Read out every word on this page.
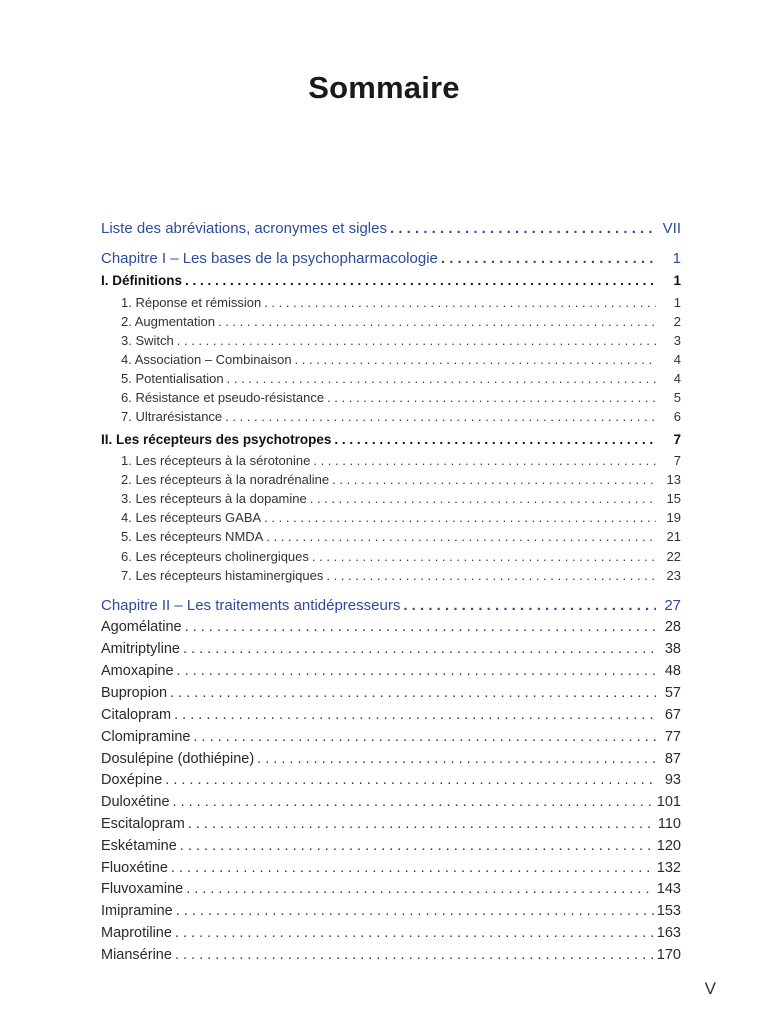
Sommaire
Liste des abréviations, acronymes et sigles . . .	VII
Chapitre I – Les bases de la psychopharmacologie . . .	1
I. Définitions . . .	1
1. Réponse et rémission . . .	1
2. Augmentation . . .	2
3. Switch . . .	3
4. Association – Combinaison . . .	4
5. Potentialisation . . .	4
6. Résistance et pseudo-résistance . . .	5
7. Ultrarésistance . . .	6
II. Les récepteurs des psychotropes . . .	7
1. Les récepteurs à la sérotonine . . .	7
2. Les récepteurs à la noradrénaline . . .	13
3. Les récepteurs à la dopamine . . .	15
4. Les récepteurs GABA . . .	19
5. Les récepteurs NMDA . . .	21
6. Les récepteurs cholinergiques . . .	22
7. Les récepteurs histaminergiques . . .	23
Chapitre II – Les traitements antidépresseurs . . .	27
Agomélatine . . .	28
Amitriptyline . . .	38
Amoxapine . . .	48
Bupropion . . .	57
Citalopram . . .	67
Clomipramine . . .	77
Dosulépine (dothiépine) . . .	87
Doxépine . . .	93
Duloxétine . . .	101
Escitalopram . . .	110
Eskétamine . . .	120
Fluoxétine . . .	132
Fluvoxamine . . .	143
Imipramine . . .	153
Maprotiline . . .	163
Miansérine . . .	170
V
